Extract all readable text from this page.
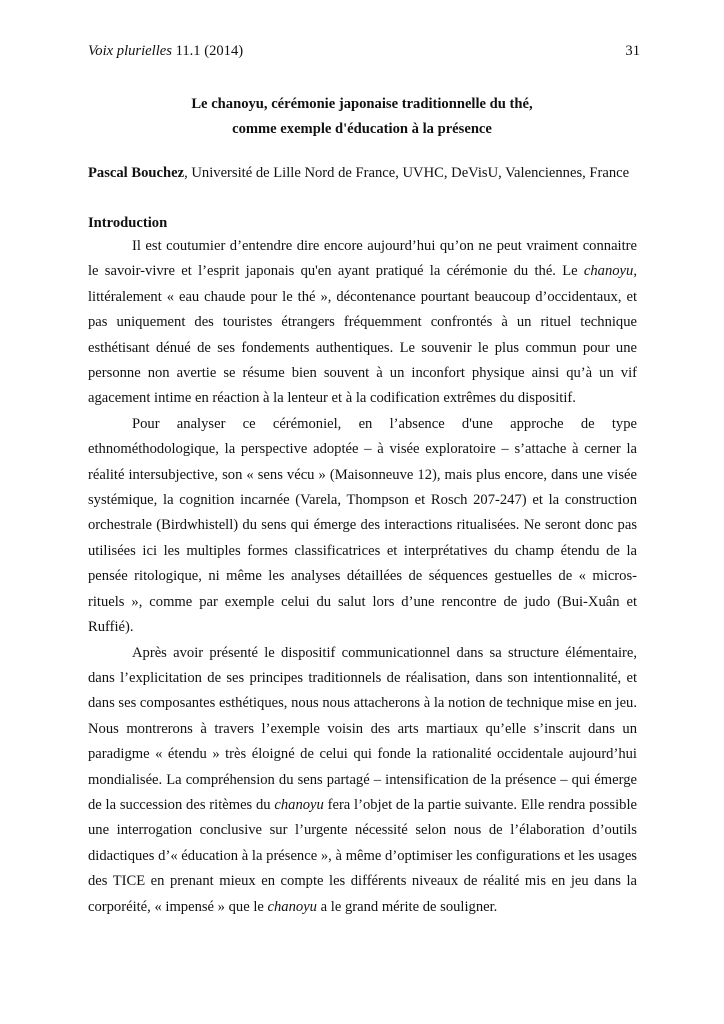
Voix plurielles 11.1 (2014)	31
Le chanoyu, cérémonie japonaise traditionnelle du thé,
comme exemple d'éducation à la présence
Pascal Bouchez, Université de Lille Nord de France, UVHC, DeVisU, Valenciennes, France
Introduction

Il est coutumier d’entendre dire encore aujourd’hui qu’on ne peut vraiment connaitre le savoir-vivre et l’esprit japonais qu'en ayant pratiqué la cérémonie du thé. Le chanoyu, littéralement « eau chaude pour le thé », décontenance pourtant beaucoup d’occidentaux, et pas uniquement des touristes étrangers fréquemment confrontés à un rituel technique esthétisant dénué de ses fondements authentiques. Le souvenir le plus commun pour une personne non avertie se résume bien souvent à un inconfort physique ainsi qu’à un vif agacement intime en réaction à la lenteur et à la codification extrêmes du dispositif.

Pour analyser ce cérémoniel, en l’absence d'une approche de type ethnométhodologique, la perspective adoptée – à visée exploratoire – s’attache à cerner la réalité intersubjective, son « sens vécu » (Maisonneuve 12), mais plus encore, dans une visée systémique, la cognition incarnée (Varela, Thompson et Rosch 207-247) et la construction orchestrale (Birdwhistell) du sens qui émerge des interactions ritualisées. Ne seront donc pas utilisées ici les multiples formes classificatrices et interprétatives du champ étendu de la pensée ritologique, ni même les analyses détaillées de séquences gestuelles de « micros-rituels », comme par exemple celui du salut lors d’une rencontre de judo (Bui-Xuân et Ruffié).

Après avoir présenté le dispositif communicationnel dans sa structure élémentaire, dans l’explicitation de ses principes traditionnels de réalisation, dans son intentionnalité, et dans ses composantes esthétiques, nous nous attacherons à la notion de technique mise en jeu. Nous montrerons à travers l’exemple voisin des arts martiaux qu’elle s’inscrit dans un paradigme « étendu » très éloigné de celui qui fonde la rationalité occidentale aujourd’hui mondialisée. La compréhension du sens partagé – intensification de la présence – qui émerge de la succession des ritèmes du chanoyu fera l’objet de la partie suivante. Elle rendra possible une interrogation conclusive sur l’urgente nécessité selon nous de l’élaboration d’outils didactiques d’« éducation à la présence », à même d’optimiser les configurations et les usages des TICE en prenant mieux en compte les différents niveaux de réalité mis en jeu dans la corporéité, « impensé » que le chanoyu a le grand mérite de souligner.
